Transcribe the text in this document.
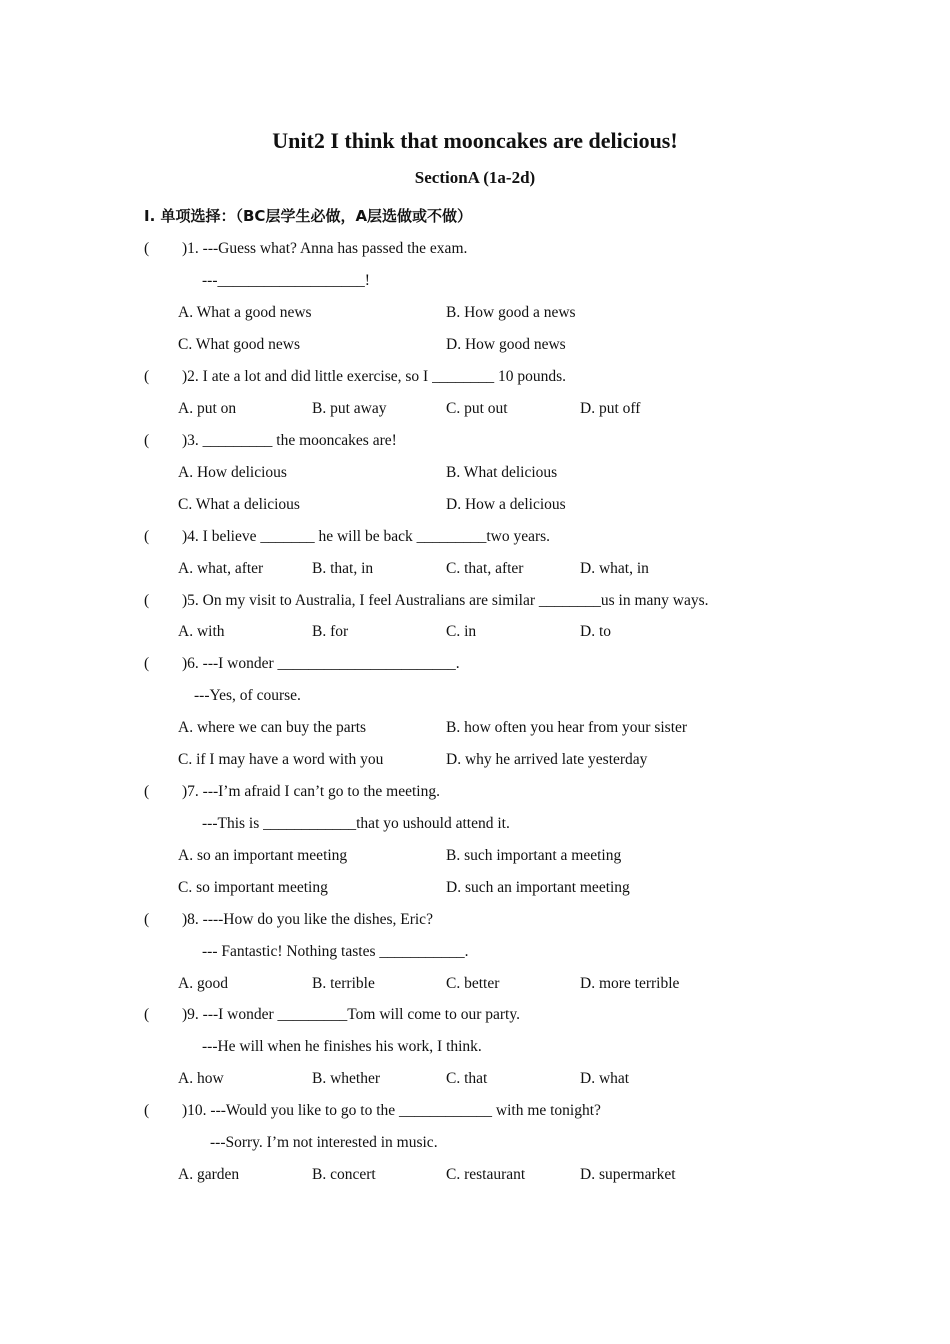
Unit2 I think that mooncakes are delicious!
SectionA (1a-2d)
I. 单项选择：（BC层学生必做，A层选做或不做）
( )1. ---Guess what? Anna has passed the exam.
---___________________!
A. What a good news	B. How good a news
C. What good news	D. How good news
( )2. I ate a lot and did little exercise, so I ________ 10 pounds.
A. put on	B. put away	C. put out	D. put off
( )3. _________ the mooncakes are!
A. How delicious	B. What delicious
C. What a delicious	D. How a delicious
( )4. I believe _______ he will be back _________two years.
A. what, after	B. that, in	C. that, after	D. what, in
( )5. On my visit to Australia, I feel Australians are similar ________us in many ways.
A. with	B. for	C. in	D. to
( )6. ---I wonder _______________________.
---Yes, of course.
A. where we can buy the parts	B. how often you hear from your sister
C. if I may have a word with you	D. why he arrived late yesterday
( )7. ---I’m afraid I can’t go to the meeting.
---This is ____________that yo ushould attend it.
A. so an important meeting	B. such important a meeting
C. so important meeting	D. such an important meeting
( )8. ----How do you like the dishes, Eric?
--- Fantastic! Nothing tastes ___________.
A. good	B. terrible	C. better	D. more terrible
( )9. ---I wonder _________Tom will come to our party.
---He will when he finishes his work, I think.
A. how	B. whether	C. that	D. what
( )10. ---Would you like to go to the ____________ with me tonight?
---Sorry. I’m not interested in music.
A. garden	B. concert	C. restaurant	D. supermarket
